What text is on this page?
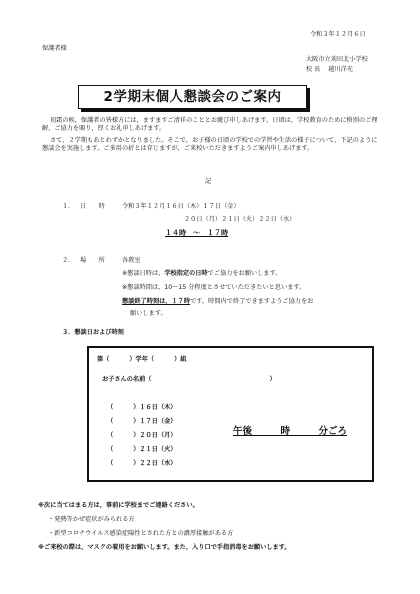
令和３年１２月６日
保護者様
大阪市立苅田北小学校
校 長 越川洋光
2学期末個人懇談会のご案内
初霜の候，保護者の皆様方には，ますますご清祥のこととお慶び申しあげます。日頃は，学校教育のために格別のご理解，ご協力を賜り，厚くお礼申しあげます。
さて，２学期もあとわずかとなりました。そこで，お子様の日頃の学校での学習や生活の様子について，下記のように懇談会を実施します。ご多用の折とは存じますが，ご来校いただきますようご案内申しあげます。
記
１． 日　　時	令和３年１２月１６日（木）１７日（金）
２０日（月）２１日（火）２２日（水）
１４時　～　１７時
２． 場　　所	各教室
※懇談日時は，学校指定の日時でご協力をお願いします。
※懇談時間は、10～15 分程度とさせていただきたいと思います。
懇談終了時刻は，１７時です。時間内で終了できますようご協力をお
願いします。
３．懇談日および時刻
第（	）学年（	）組
お子さんの名前（	）
（	）１６日（木）
（	）１７日（金）
（	）２０日（月）
（	）２１日（火）
（	）２２日（水）
午後　　　時　　　分ごろ
※次に当てはまる方は，事前に学校までご連絡ください。
・発熱等かぜ症状がみられる方
・新型コロナウイルス感染症陽性とされた方との濃厚接触がある方
※ご来校の際は，マスクの着用をお願いします。また，入り口で手指消毒をお願いします。
